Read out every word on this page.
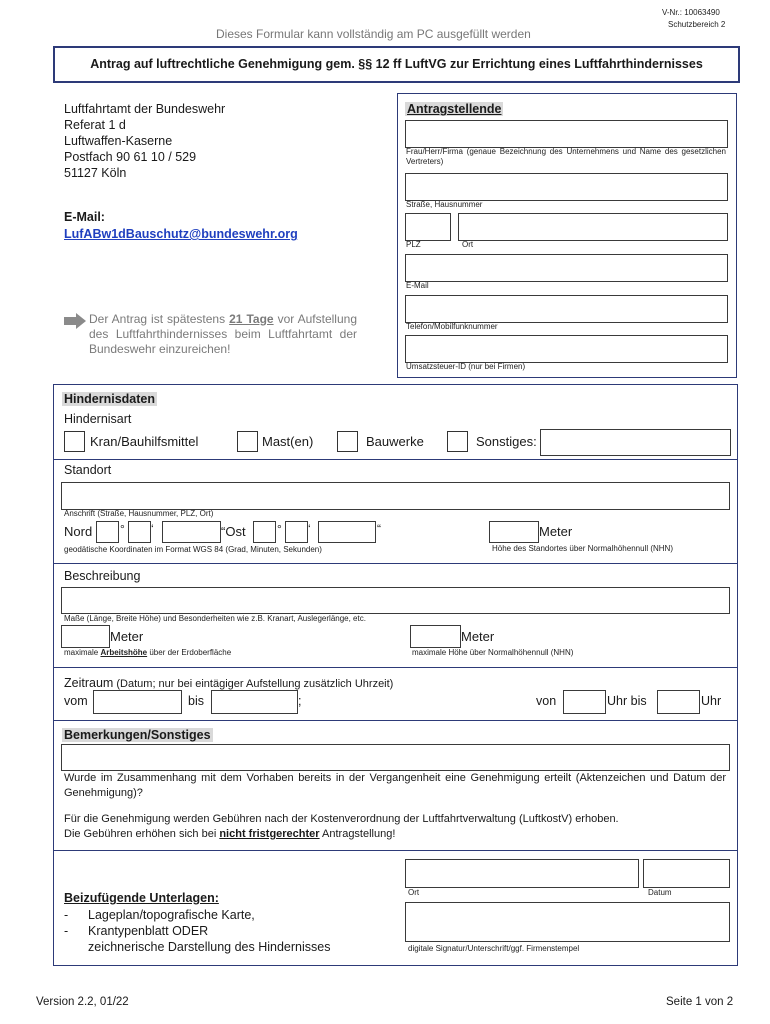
V-Nr.: 10063490
Schutzbereich 2
Dieses Formular kann vollständig am PC ausgefüllt werden
Antrag auf luftrechtliche Genehmigung gem. §§ 12 ff LuftVG zur Errichtung eines Luftfahrthindernisses
Luftfahrtamt der Bundeswehr
Referat 1 d
Luftwaffen-Kaserne
Postfach 90 61 10 / 529
51127 Köln
E-Mail:
LufABw1dBauschutz@bundeswehr.org
Der Antrag ist spätestens 21 Tage vor Aufstellung des Luftfahrthindernisses beim Luftfahrtamt der Bundeswehr einzureichen!
Antragstellende
Frau/Herr/Firma (genaue Bezeichnung des Unternehmens und Name des gesetzlichen Vertreters)
Straße, Hausnummer
PLZ	Ort
E-Mail
Telefon/Mobilfunknummer
Umsatzsteuer-ID (nur bei Firmen)
Hindernisdaten
Hindernisart
Kran/Bauhilfsmittel	Mast(en)	Bauwerke	Sonstiges:
Standort
Anschrift (Straße, Hausnummer, PLZ, Ort)
Nord ° ‘	“Ost	° ‘	“	Meter
geodätische Koordinaten im Format WGS 84 (Grad, Minuten, Sekunden)	Höhe des Standortes über Normalhöhennull (NHN)
Beschreibung
Maße (Länge, Breite Höhe) und Besonderheiten wie z.B. Kranart, Auslegerlänge, etc.
Meter	Meter
maximale Arbeitshöhe über der Erdoberfläche	maximale Höhe über Normalhöhennull (NHN)
Zeitraum (Datum; nur bei eintägiger Aufstellung zusätzlich Uhrzeit)
vom	bis	;	von	Uhr bis	Uhr
Bemerkungen/Sonstiges
Wurde im Zusammenhang mit dem Vorhaben bereits in der Vergangenheit eine Genehmigung erteilt (Aktenzeichen und Datum der Genehmigung)?
Für die Genehmigung werden Gebühren nach der Kostenverordnung der Luftfahrtverwaltung (LuftkostV) erhoben.
Die Gebühren erhöhen sich bei nicht fristgerechter Antragstellung!
Beizufügende Unterlagen:
- Lageplan/topografische Karte,
- Krantypenblatt ODER
zeichnerische Darstellung des Hindernisses
Ort	Datum
digitale Signatur/Unterschrift/ggf. Firmenstempel
Version 2.2, 01/22	Seite 1 von 2
